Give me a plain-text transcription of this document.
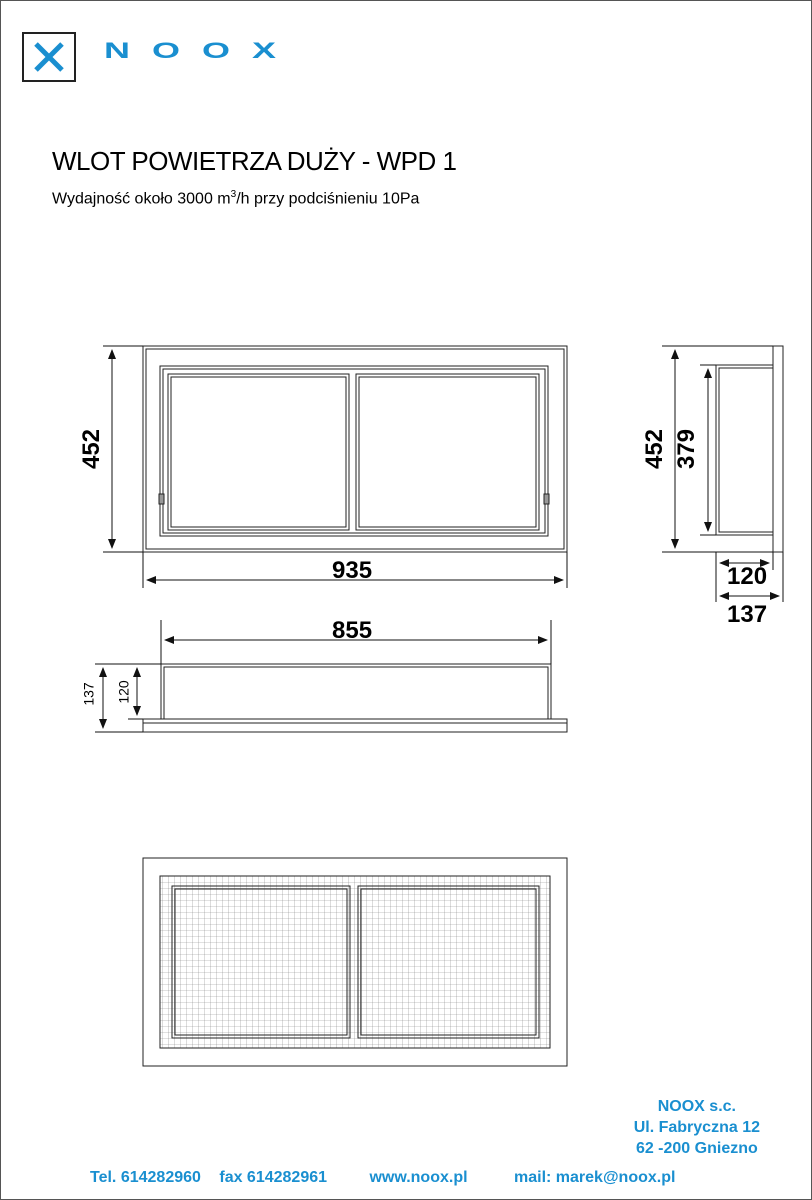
NOOX
WLOT POWIETRZA DUŻY - WPD 1
Wydajność około 3000 $m^3/h$ przy podciśnieniu 10Pa
452
935
452 379
120
137
855
137 120
NOOX s.c.
Ul. Fabryczna 12
62 -200 Gniezno
Tel. 614282960 fax 614282961	www.noox.pl	mail: marek@noox.pl
